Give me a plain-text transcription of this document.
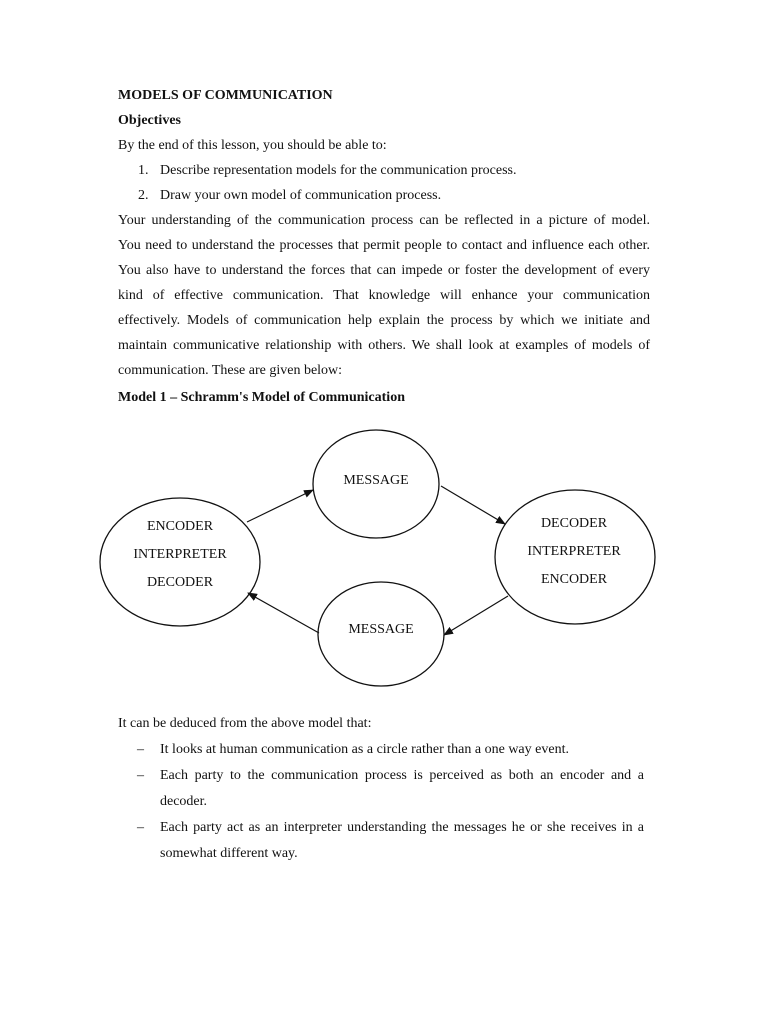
MODELS OF COMMUNICATION
Objectives
By the end of this lesson, you should be able to:
1. Describe representation models for the communication process.
2. Draw your own model of communication process.
Your understanding of the communication process can be reflected in a picture of model.
You need to understand the processes that permit people to contact and influence each other.
You also have to understand the forces that can impede or foster the development of every
kind of effective communication. That knowledge will enhance your communication
effectively. Models of communication help explain the process by which we initiate and
maintain communicative relationship with others. We shall look at examples of models of
communication. These are given below:
Model 1 – Schramm's Model of Communication
ENCODER
INTERPRETER
DECODER
MESSAGE
DECODER
INTERPRETER
ENCODER
MESSAGE
It can be deduced from the above model that:
– It looks at human communication as a circle rather than a one way event.
– Each party to the communication process is perceived as both an encoder and a
decoder.
– Each party act as an interpreter understanding the messages he or she receives in a
somewhat different way.
